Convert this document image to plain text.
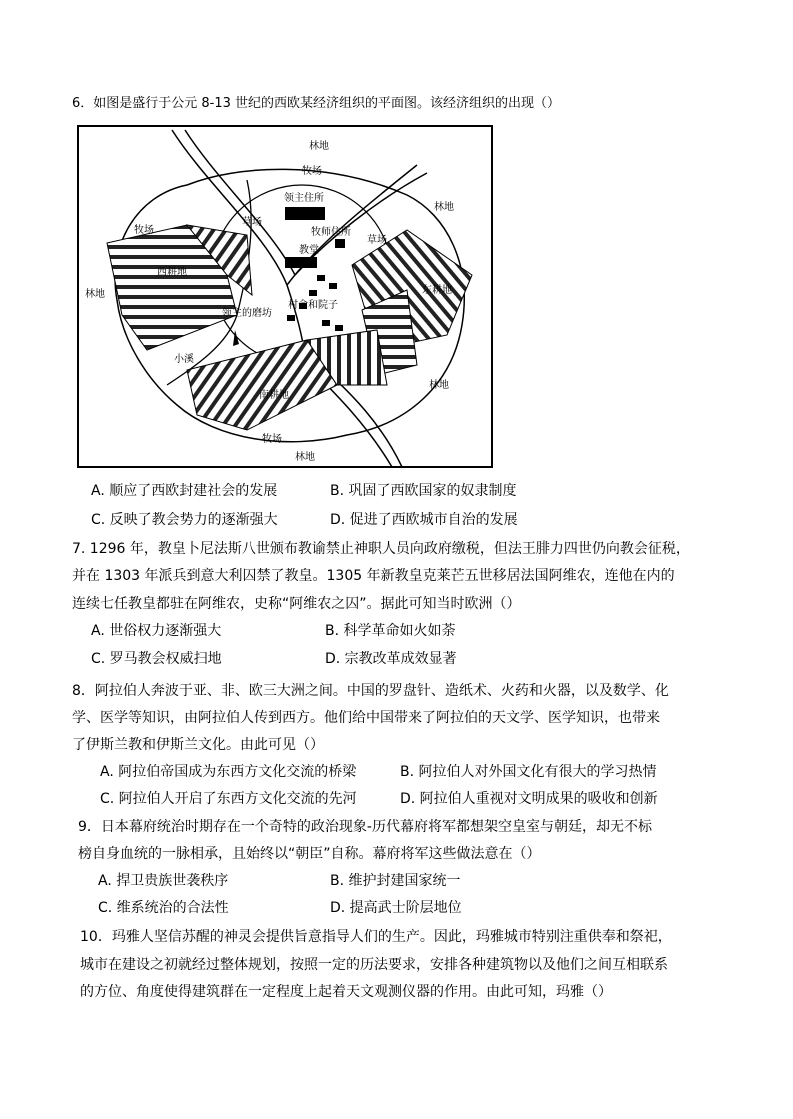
6．如图是盛行于公元 8-13 世纪的西欧某经济组织的平面图。该经济组织的出现（）
林地
牧场
领主住所
林地
草场
牧师住所
草场
教堂
牧场
西耕地
东耕地
林地
村舍和院子
领主的磨坊
小溪
林地
南耕地
牧场
林地
A. 顺应了西欧封建社会的发展	B. 巩固了西欧国家的奴隶制度
C. 反映了教会势力的逐渐强大	D. 促进了西欧城市自治的发展
7. 1296 年，教皇卜尼法斯八世颁布教谕禁止神职人员向政府缴税，但法王腓力四世仍向教会征税，
并在 1303 年派兵到意大利囚禁了教皇。1305 年新教皇克莱芒五世移居法国阿维农，连他在内的
连续七任教皇都驻在阿维农，史称“阿维农之囚”。据此可知当时欧洲（）
A. 世俗权力逐渐强大	B. 科学革命如火如荼
C. 罗马教会权威扫地	D. 宗教改革成效显著
8．阿拉伯人奔波于亚、非、欧三大洲之间。中国的罗盘针、造纸术、火药和火器，以及数学、化
学、医学等知识，由阿拉伯人传到西方。他们给中国带来了阿拉伯的天文学、医学知识，也带来
了伊斯兰教和伊斯兰文化。由此可见（）
A. 阿拉伯帝国成为东西方文化交流的桥梁	B. 阿拉伯人对外国文化有很大的学习热情
C. 阿拉伯人开启了东西方文化交流的先河	D. 阿拉伯人重视对文明成果的吸收和创新
9．日本幕府统治时期存在一个奇特的政治现象-历代幕府将军都想架空皇室与朝廷，却无不标
榜自身血统的一脉相承，且始终以“朝臣”自称。幕府将军这些做法意在（）
A. 捍卫贵族世袭秩序	B. 维护封建国家统一
C. 维系统治的合法性	D. 提高武士阶层地位
10．玛雅人坚信苏醒的神灵会提供旨意指导人们的生产。因此，玛雅城市特别注重供奉和祭祀，
城市在建设之初就经过整体规划，按照一定的历法要求，安排各种建筑物以及他们之间互相联系
的方位、角度使得建筑群在一定程度上起着天文观测仪器的作用。由此可知，玛雅（）
